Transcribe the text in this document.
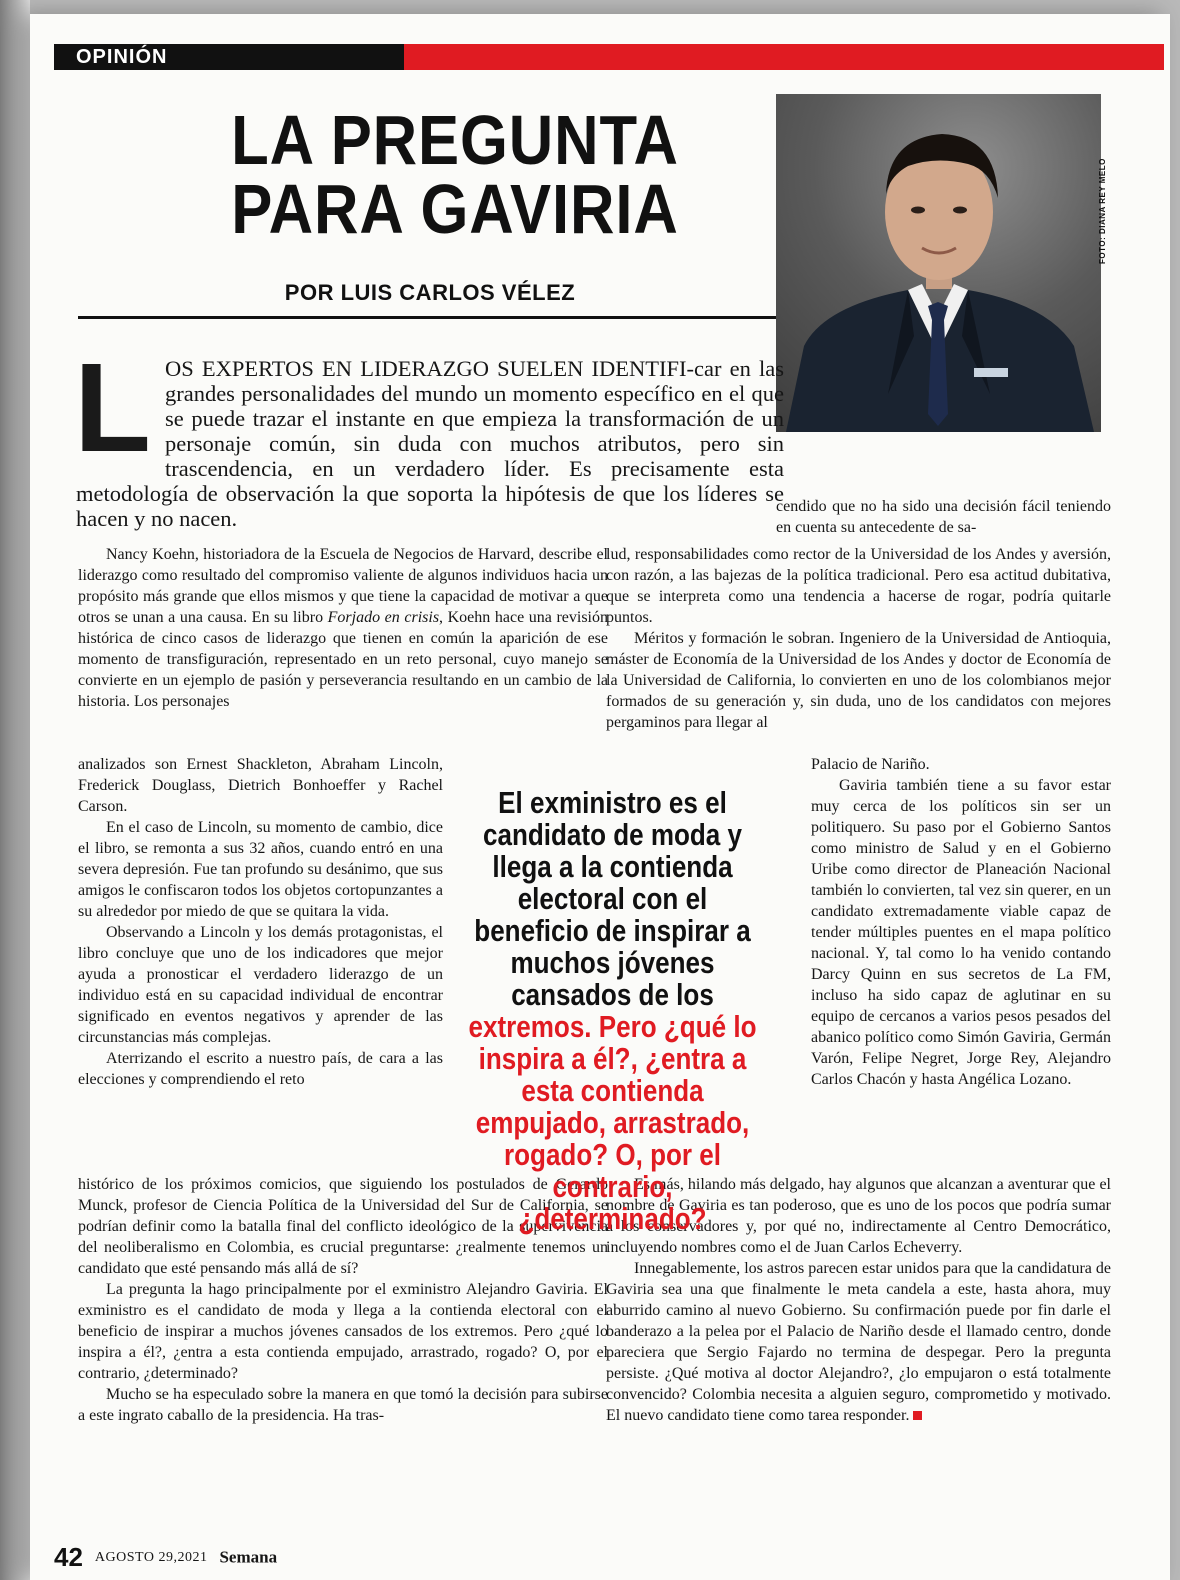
OPINIÓN
LA PREGUNTA PARA GAVIRIA
POR LUIS CARLOS VÉLEZ
FOTO: DIANA REY MELO

LOS EXPERTOS EN LIDERAZGO SUELEN IDENTIFI-car en las grandes personalidades del mundo un momento específico en el que se puede trazar el instante en que empieza la transformación de un personaje común, sin duda con muchos atributos, pero sin trascendencia, en un verdadero líder. Es precisamente esta metodología de observación la que soporta la hipótesis de que los líderes se hacen y no nacen.	cendido que no ha sido una decisión fácil teniendo en cuenta su antecedente de sa-

Nancy Koehn, historiadora de la Escuela de Negocios de Harvard, describe el liderazgo como resultado del compromiso valiente de algunos individuos hacia un propósito más grande que ellos mismos y que tiene la capacidad de motivar a que otros se unan a una causa. En su libro Forjado en crisis, Koehn hace una revisión histórica de cinco casos de liderazgo que tienen en común la aparición de ese momento de transfiguración, representado en un reto personal, cuyo manejo se convierte en un ejemplo de pasión y perseverancia resultando en un cambio de la historia. Los personajes

analizados son Ernest Shackleton, Abraham Lincoln, Frederick Douglass, Dietrich Bonhoeffer y Rachel Carson.

En el caso de Lincoln, su momento de cambio, dice el libro, se remonta a sus 32 años, cuando entró en una severa depresión. Fue tan profundo su desánimo, que sus amigos le confiscaron todos los objetos cortopunzantes a su alrededor por miedo de que se quitara la vida.

Observando a Lincoln y los demás protagonistas, el libro concluye que uno de los indicadores que mejor ayuda a pronosticar el verdadero liderazgo de un individuo está en su capacidad individual de encontrar significado en eventos negativos y aprender de las circunstancias más complejas.

Aterrizando el escrito a nuestro país, de cara a las elecciones y comprendiendo el reto

histórico de los próximos comicios, que siguiendo los postulados de Gerardo Munck, profesor de Ciencia Política de la Universidad del Sur de California, se podrían definir como la batalla final del conflicto ideológico de la supervivencia del neoliberalismo en Colombia, es crucial preguntarse: ¿realmente tenemos un candidato que esté pensando más allá de sí?

La pregunta la hago principalmente por el exministro Alejandro Gaviria. El exministro es el candidato de moda y llega a la contienda electoral con el beneficio de inspirar a muchos jóvenes cansados de los extremos. Pero ¿qué lo inspira a él?, ¿entra a esta contienda empujado, arrastrado, rogado? O, por el contrario, ¿determinado?

Mucho se ha especulado sobre la manera en que tomó la decisión para subirse a este ingrato caballo de la presidencia. Ha tras-

lud, responsabilidades como rector de la Universidad de los Andes y aversión, con razón, a las bajezas de la política tradicional. Pero esa actitud dubitativa, que se interpreta como una tendencia a hacerse de rogar, podría quitarle puntos.

Méritos y formación le sobran. Ingeniero de la Universidad de Antioquia, máster de Economía de la Universidad de los Andes y doctor de Economía de la Universidad de California, lo convierten en uno de los colombianos mejor formados de su generación y, sin duda, uno de los candidatos con mejores pergaminos para llegar al

Palacio de Nariño.

Gaviria también tiene a su favor estar muy cerca de los políticos sin ser un politiquero. Su paso por el Gobierno Santos como ministro de Salud y en el Gobierno Uribe como director de Planeación Nacional también lo convierten, tal vez sin querer, en un candidato extremadamente viable capaz de tender múltiples puentes en el mapa político nacional. Y, tal como lo ha venido contando Darcy Quinn en sus secretos de La FM, incluso ha sido capaz de aglutinar en su equipo de cercanos a varios pesos pesados del abanico político como Simón Gaviria, Germán Varón, Felipe Negret, Jorge Rey, Alejandro Carlos Chacón y hasta Angélica Lozano.

Es más, hilando más delgado, hay algunos que alcanzan a aventurar que el nombre de Gaviria es tan poderoso, que es uno de los pocos que podría sumar a los conservadores y, por qué no, indirectamente al Centro Democrático, incluyendo nombres como el de Juan Carlos Echeverry.

Innegablemente, los astros parecen estar unidos para que la candidatura de Gaviria sea una que finalmente le meta candela a este, hasta ahora, muy aburrido camino al nuevo Gobierno. Su confirmación puede por fin darle el banderazo a la pelea por el Palacio de Nariño desde el llamado centro, donde pareciera que Sergio Fajardo no termina de despegar. Pero la pregunta persiste. ¿Qué motiva al doctor Alejandro?, ¿lo empujaron o está totalmente convencido? Colombia necesita a alguien seguro, comprometido y motivado. El nuevo candidato tiene como tarea responder.

El exministro es el candidato de moda y llega a la contienda electoral con el beneficio de inspirar a muchos jóvenes cansados de los extremos. Pero ¿qué lo inspira a él?, ¿entra a esta contienda empujado, arrastrado, rogado? O, por el contrario, ¿determinado?

42 AGOSTO 29,2021 Semana
